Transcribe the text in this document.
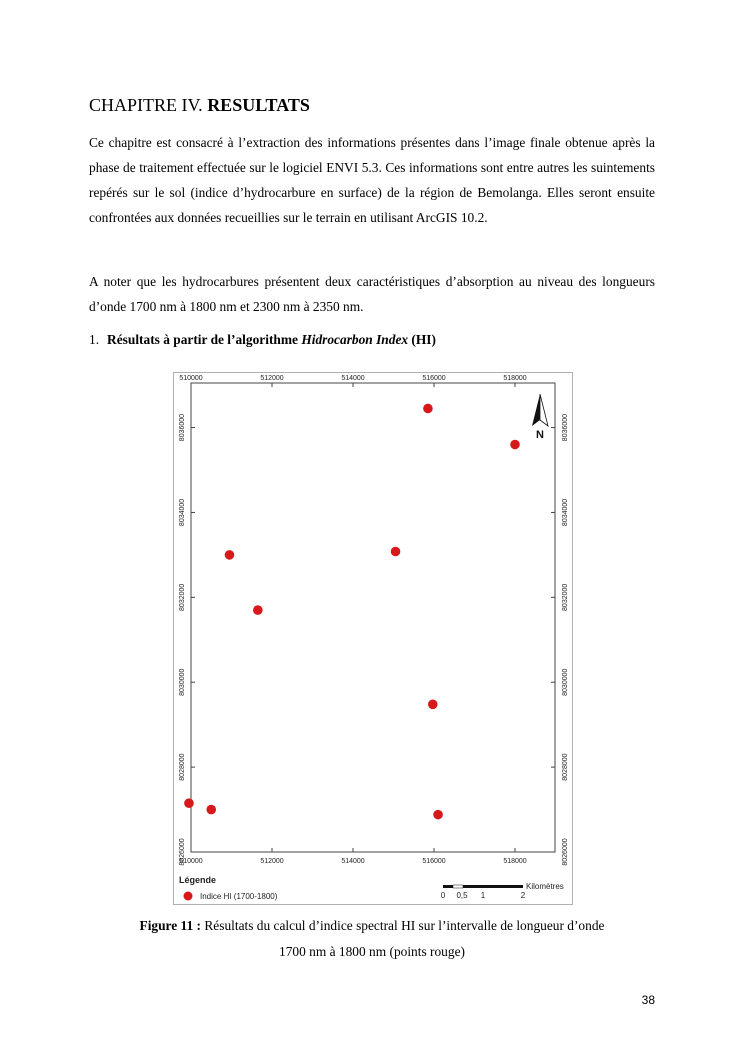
CHAPITRE IV. RESULTATS

Ce chapitre est consacré à l’extraction des informations présentes dans l’image finale obtenue après la phase de traitement effectuée sur le logiciel ENVI 5.3. Ces informations sont entre autres les suintements repérés sur le sol (indice d’hydrocarbure en surface) de la région de Bemolanga. Elles seront ensuite confrontées aux données recueillies sur le terrain en utilisant ArcGIS 10.2.

A noter que les hydrocarbures présentent deux caractéristiques d’absorption au niveau des longueurs d’onde 1700 nm à 1800 nm et 2300 nm à 2350 nm.

1. Résultats à partir de l’algorithme Hidrocarbon Index (HI)
510000	512000	514000	516000	518000
510000	512000	514000	516000	518000
8036000
8034000
8032000
8030000
8028000
8026000
8036000
8034000
8032000
8030000
8028000
8026000
N
Légende
Indice HI (1700-1800)	0 0,5 1	2
Kilomètres
Figure 11 : Résultats du calcul d’indice spectral HI sur l’intervalle de longueur d’onde
1700 nm à 1800 nm (points rouge)
38
